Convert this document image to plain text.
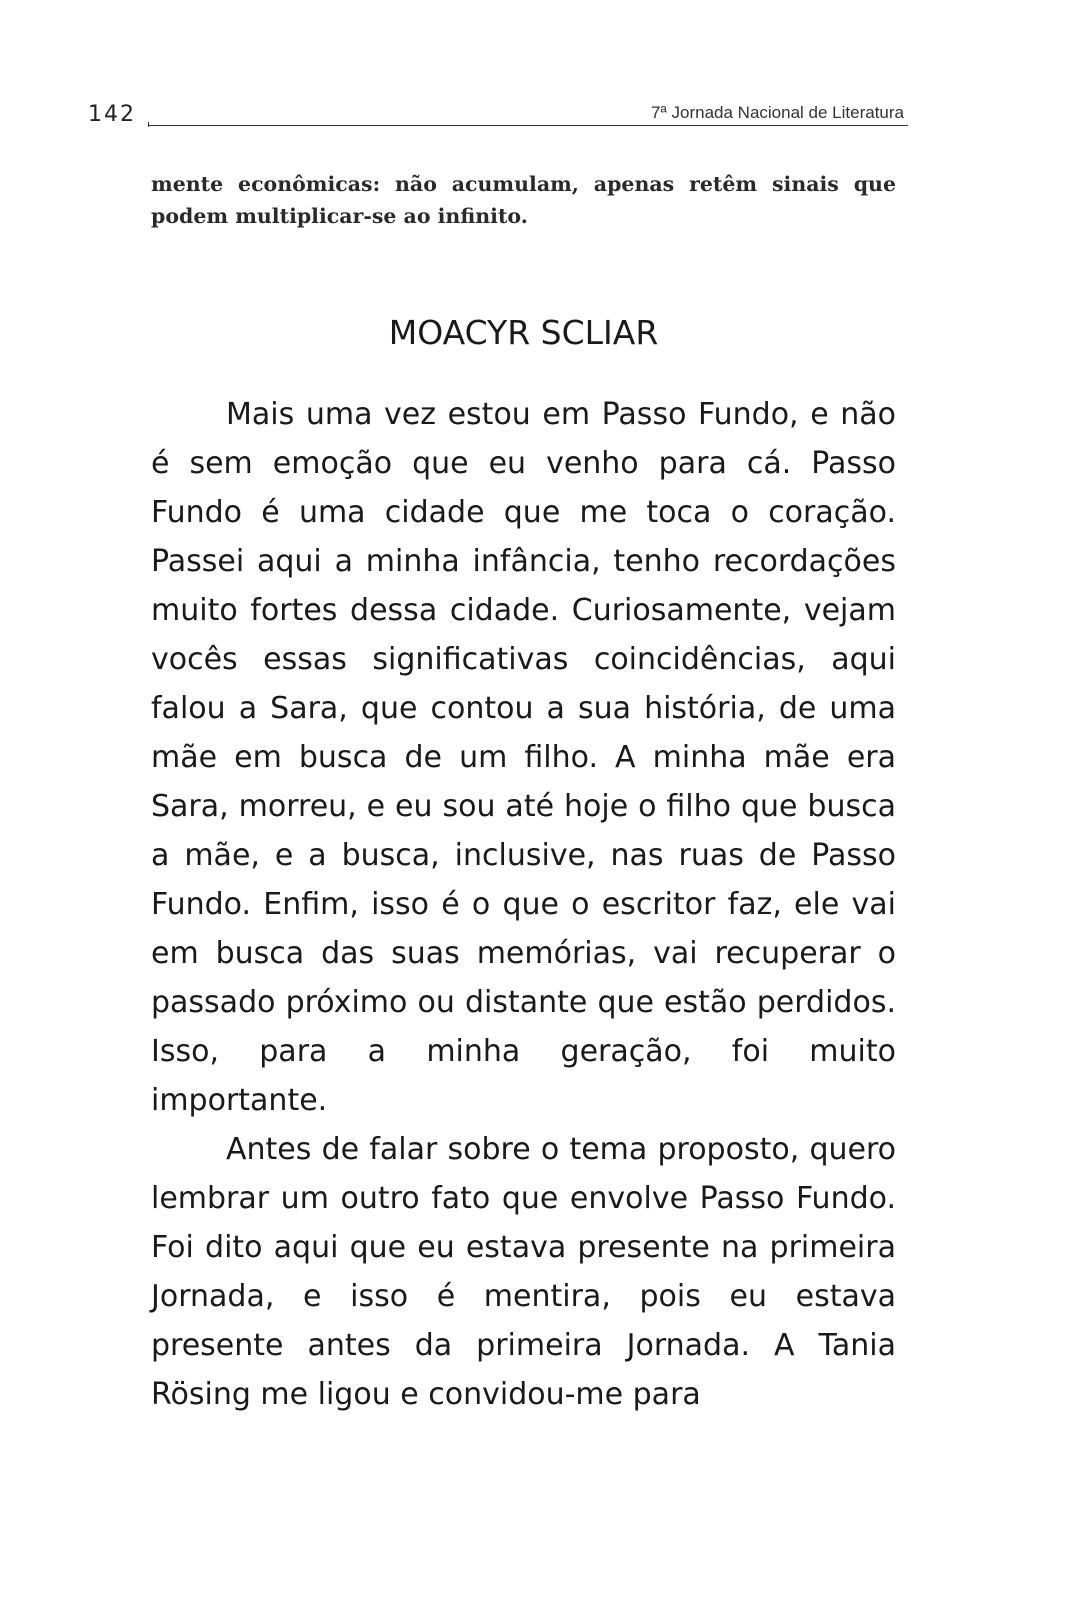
142	7ª Jornada Nacional de Literatura

mente econômicas: não acumulam, apenas retêm sinais que podem multiplicar-se ao infinito.

MOACYR SCLIAR

Mais uma vez estou em Passo Fundo, e não é sem emoção que eu venho para cá. Passo Fundo é uma cidade que me toca o coração. Passei aqui a minha infância, tenho recordações muito fortes dessa cidade. Curiosamente, vejam vocês essas significativas coincidências, aqui falou a Sara, que contou a sua história, de uma mãe em busca de um filho. A minha mãe era Sara, morreu, e eu sou até hoje o filho que busca a mãe, e a busca, inclusive, nas ruas de Passo Fundo. Enfim, isso é o que o escritor faz, ele vai em busca das suas memórias, vai recuperar o passado próximo ou distante que estão perdidos. Isso, para a minha geração, foi muito importante.

Antes de falar sobre o tema proposto, quero lembrar um outro fato que envolve Passo Fundo. Foi dito aqui que eu estava presente na primeira Jornada, e isso é mentira, pois eu estava presente antes da primeira Jornada. A Tania Rösing me ligou e convidou-me para
